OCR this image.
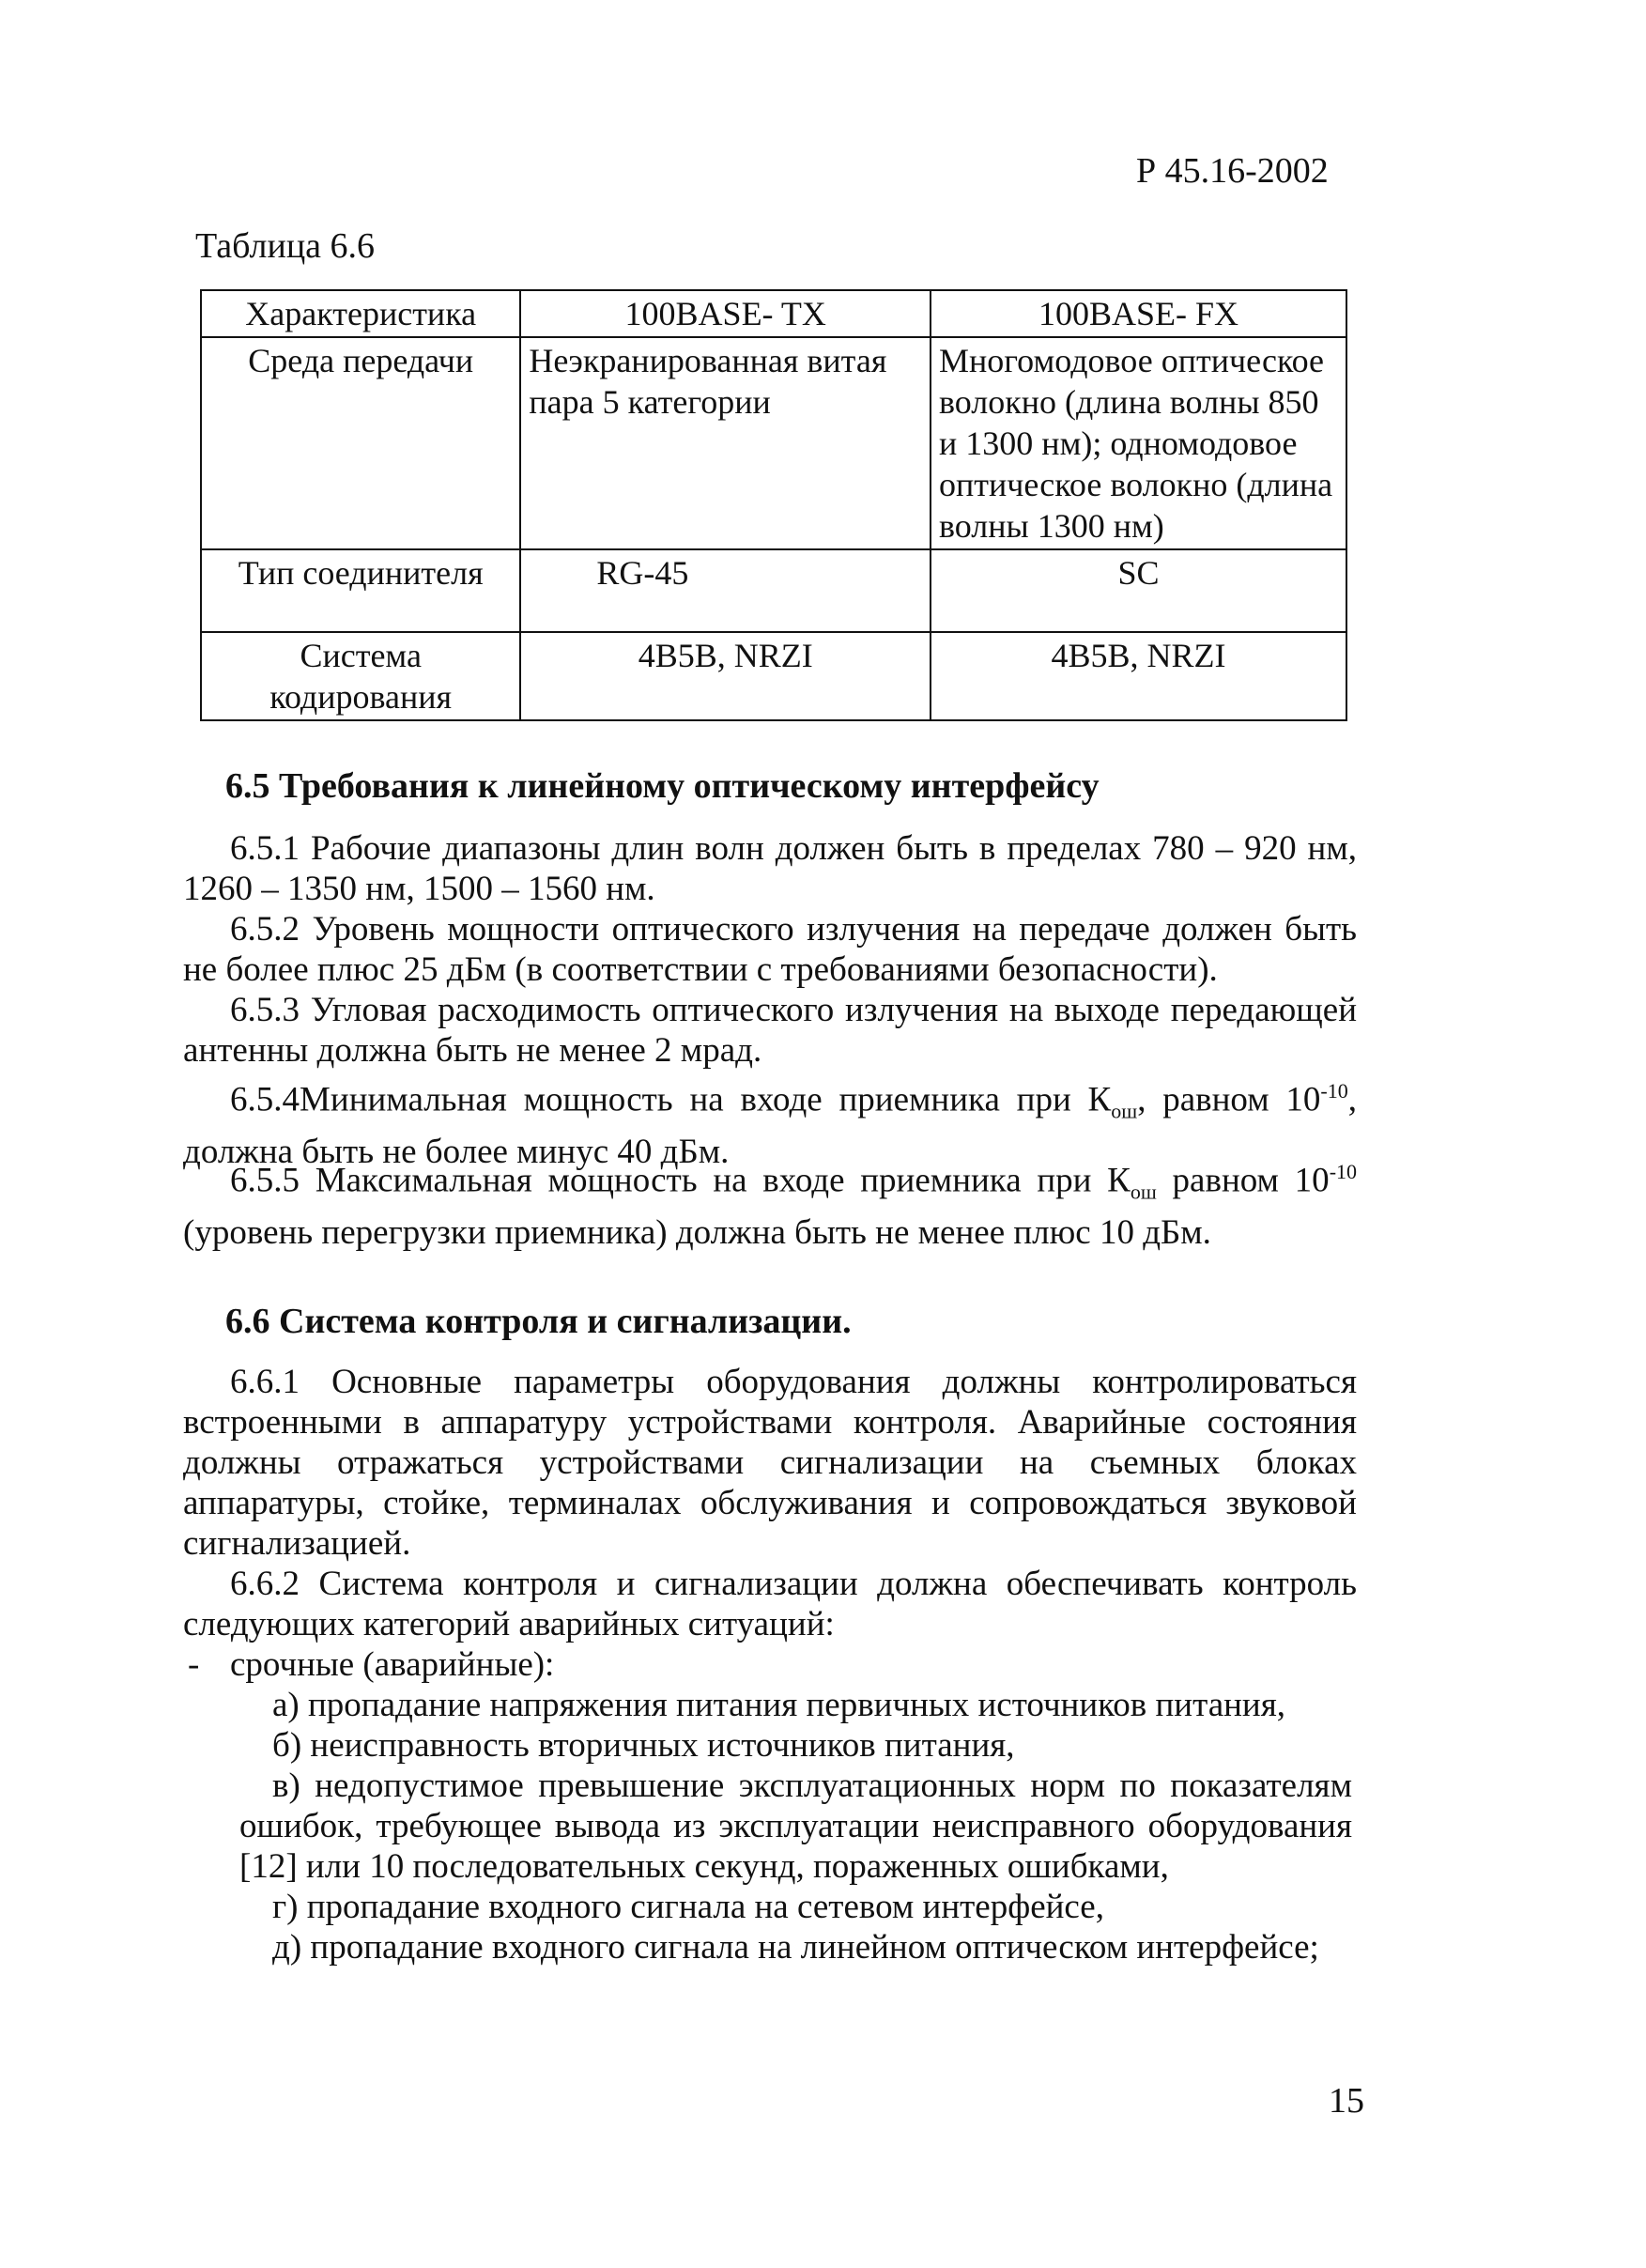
Р 45.16-2002
Таблица 6.6
Характеристика	100BASE- TX	100BASE- FX
Среда передачи	Неэкранированная витая пара 5 категории	Многомодовое оптическое волокно (длина волны 850 и 1300 нм); одномодовое оптическое волокно (длина волны 1300 нм)
Тип соединителя	RG-45	SC
Система кодирования	4B5B, NRZI	4B5B, NRZI
6.5 Требования к линейному оптическому интерфейсу
6.5.1 Рабочие диапазоны длин волн должен быть в пределах 780 – 920 нм, 1260 – 1350 нм, 1500 – 1560 нм.
6.5.2 Уровень мощности оптического излучения на передаче должен быть не более плюс 25 дБм (в соответствии с требованиями безопасности).
6.5.3 Угловая расходимость оптического излучения на выходе передающей антенны должна быть не менее 2 мрад.
6.5.4Минимальная мощность на входе приемника при $К_{ош}$, равном $10^{-10}$, должна быть не более минус 40 дБм.
6.5.5 Максимальная мощность на входе приемника при $К_{ош}$ равном $10^{-10}$ (уровень перегрузки приемника) должна быть не менее плюс 10 дБм.
6.6 Система контроля и сигнализации.
6.6.1 Основные параметры оборудования должны контролироваться встроенными в аппаратуру устройствами контроля. Аварийные состояния должны отражаться устройствами сигнализации на съемных блоках аппаратуры, стойке, терминалах обслуживания и сопровождаться звуковой сигнализацией.
6.6.2 Система контроля и сигнализации должна обеспечивать контроль следующих категорий аварийных ситуаций:
- срочные (аварийные):
а) пропадание напряжения питания первичных источников питания,
б) неисправность вторичных источников питания,
в) недопустимое превышение эксплуатационных норм по показателям ошибок, требующее вывода из эксплуатации неисправного оборудования [12] или 10 последовательных секунд, пораженных ошибками,
г) пропадание входного сигнала на сетевом интерфейсе,
д) пропадание входного сигнала на линейном оптическом интерфейсе;
15
